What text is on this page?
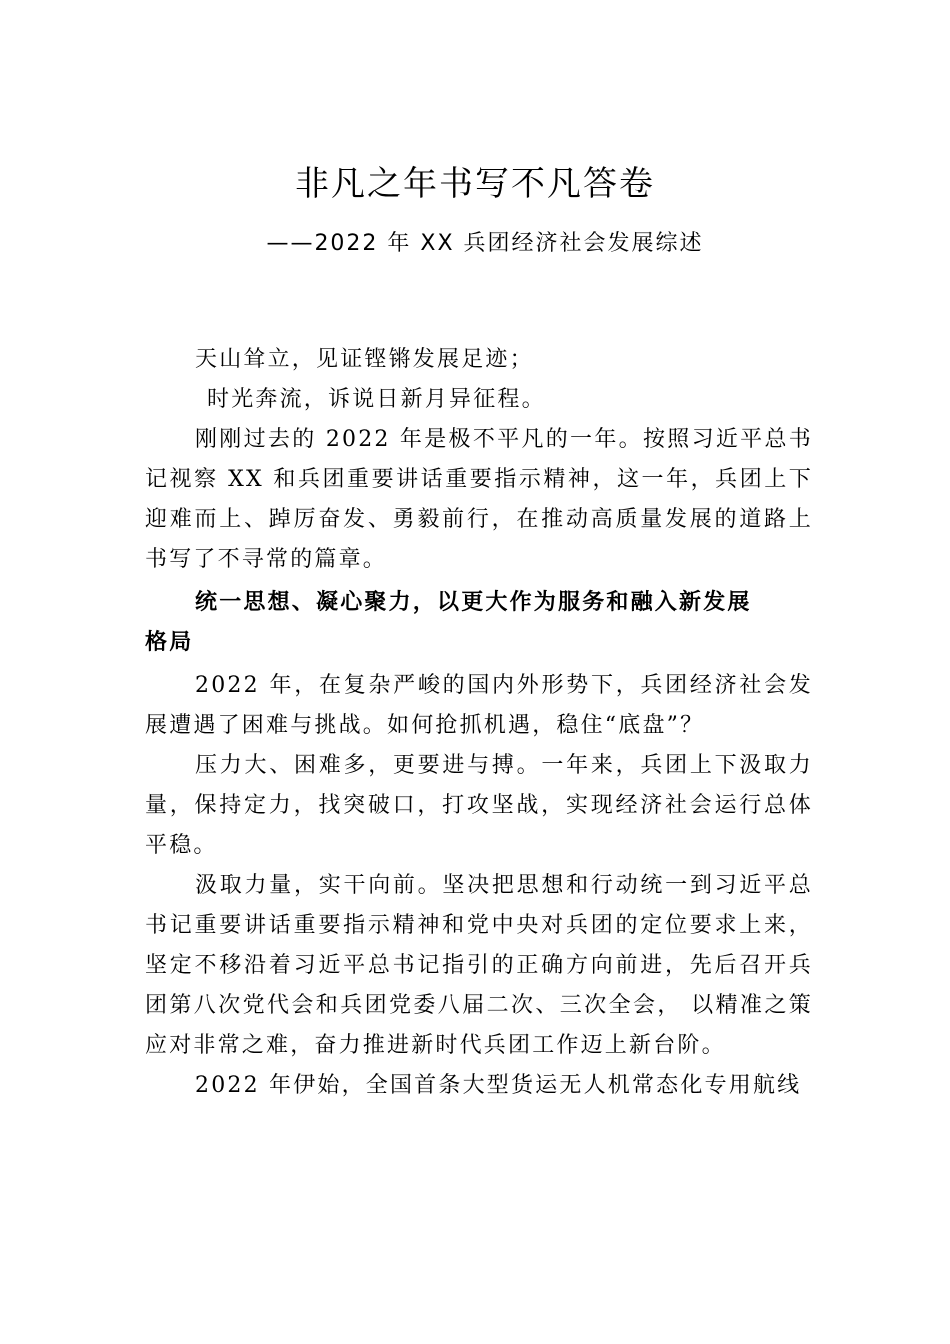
非凡之年书写不凡答卷
——2022 年 XX 兵团经济社会发展综述

天山耸立，见证铿锵发展足迹；

时光奔流，诉说日新月异征程。

刚刚过去的 2022 年是极不平凡的一年。按照习近平总书记视察 XX 和兵团重要讲话重要指示精神，这一年，兵团上下迎难而上、踔厉奋发、勇毅前行，在推动高质量发展的道路上书写了不寻常的篇章。

统一思想、凝心聚力，以更大作为服务和融入新发展格局

2022 年，在复杂严峻的国内外形势下，兵团经济社会发展遭遇了困难与挑战。如何抢抓机遇，稳住“底盘”？

压力大、困难多，更要进与搏。一年来，兵团上下汲取力量，保持定力，找突破口，打攻坚战，实现经济社会运行总体平稳。

汲取力量，实干向前。坚决把思想和行动统一到习近平总书记重要讲话重要指示精神和党中央对兵团的定位要求上来，坚定不移沿着习近平总书记指引的正确方向前进，先后召开兵团第八次党代会和兵团党委八届二次、三次全会， 以精准之策应对非常之难，奋力推进新时代兵团工作迈上新台阶。

2022 年伊始，全国首条大型货运无人机常态化专用航线
